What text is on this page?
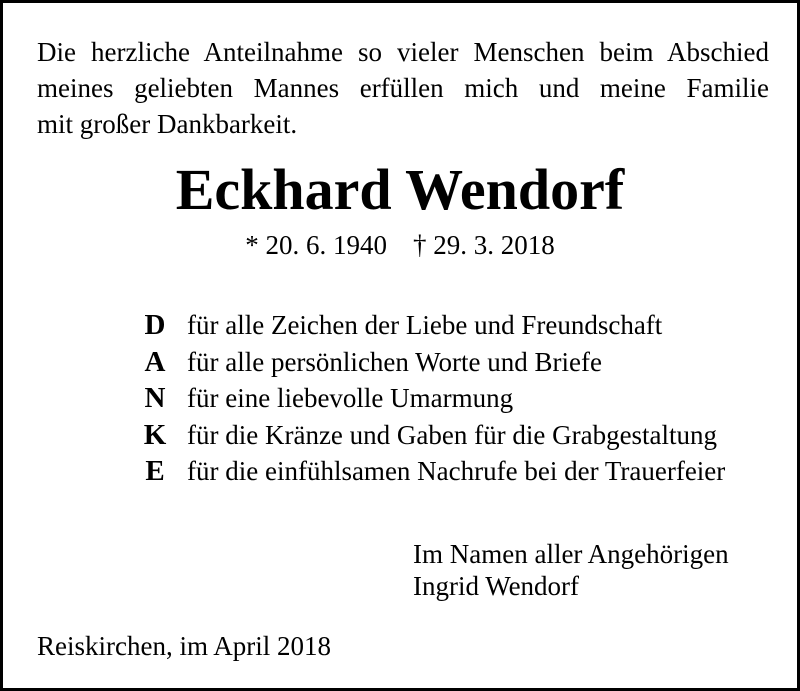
Die herzliche Anteilnahme so vieler Menschen beim Abschied
meines geliebten Mannes erfüllen mich und meine Familie
mit großer Dankbarkeit.

Eckhard Wendorf
* 20. 6. 1940 † 29. 3. 2018
D für alle Zeichen der Liebe und Freundschaft
A für alle persönlichen Worte und Briefe
N für eine liebevolle Umarmung
K für die Kränze und Gaben für die Grabgestaltung
E für die einfühlsamen Nachrufe bei der Trauerfeier
Im Namen aller Angehörigen
Ingrid Wendorf
Reiskirchen, im April 2018
